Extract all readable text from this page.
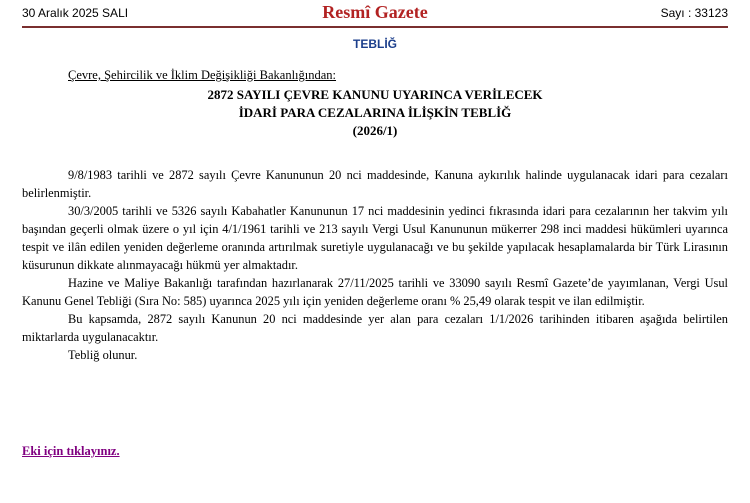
30 Aralık 2025 SALI	Resmî Gazete	Sayı : 33123
TEBLİĞ
Çevre, Şehircilik ve İklim Değişikliği Bakanlığından:
2872 SAYILI ÇEVRE KANUNU UYARINCA VERİLECEK
İDARİ PARA CEZALARINA İLİŞKİN TEBLİĞ
(2026/1)

9/8/1983 tarihli ve 2872 sayılı Çevre Kanununun 20 nci maddesinde, Kanuna aykırılık halinde uygulanacak idari para cezaları belirlenmiştir.

30/3/2005 tarihli ve 5326 sayılı Kabahatler Kanununun 17 nci maddesinin yedinci fıkrasında idari para cezalarının her takvim yılı başından geçerli olmak üzere o yıl için 4/1/1961 tarihli ve 213 sayılı Vergi Usul Kanununun mükerrer 298 inci maddesi hükümleri uyarınca tespit ve ilân edilen yeniden değerleme oranında artırılmak suretiyle uygulanacağı ve bu şekilde yapılacak hesaplamalarda bir Türk Lirasının küsurunun dikkate alınmayacağı hükmü yer almaktadır.

Hazine ve Maliye Bakanlığı tarafından hazırlanarak 27/11/2025 tarihli ve 33090 sayılı Resmî Gazete’de yayımlanan, Vergi Usul Kanunu Genel Tebliği (Sıra No: 585) uyarınca 2025 yılı için yeniden değerleme oranı % 25,49 olarak tespit ve ilan edilmiştir.

Bu kapsamda, 2872 sayılı Kanunun 20 nci maddesinde yer alan para cezaları 1/1/2026 tarihinden itibaren aşağıda belirtilen miktarlarda uygulanacaktır.

Tebliğ olunur.

Eki için tıklayınız.
